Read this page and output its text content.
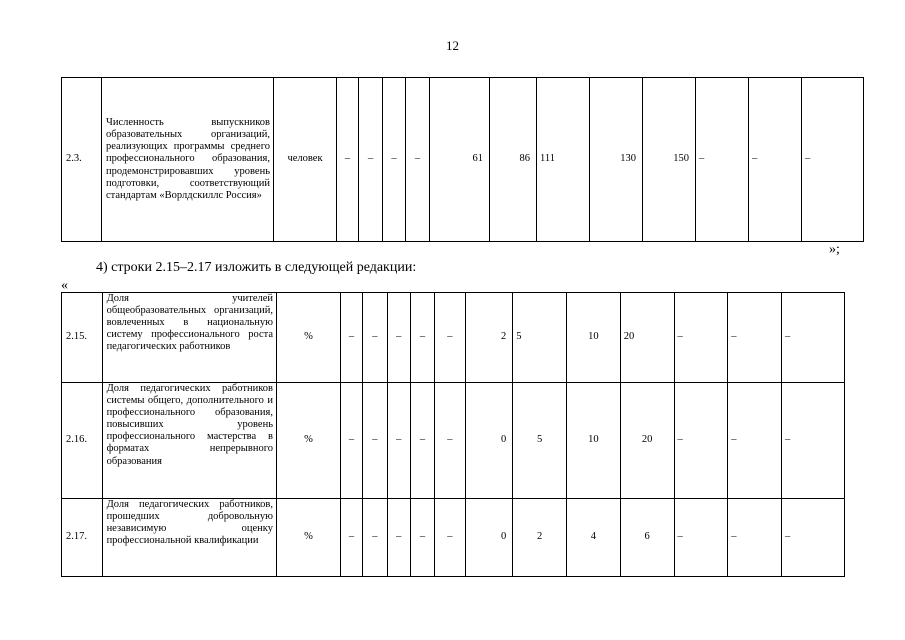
12
2.3.	Численность выпускников образовательных организаций, реализующих программы среднего профессионального образования, продемонстрировавших уровень подготовки, соответствующий стандартам «Ворлдскиллс Россия»	человек	–	–	–	–	61	86	111	130	150	–	–	–
»;
4) строки 2.15–2.17 изложить в следующей редакции:
«
2.15.	Доля учителей общеобразовательных организаций, вовлеченных в национальную систему профессионального роста педагогических работников	%	–	–	–	–	–	2	5	10	20	–	–	–
2.16.	Доля педагогических работников системы общего, дополнительного и профессионального образования, повысивших уровень профессионального мастерства в форматах непрерывного образования	%	–	–	–	–	–	0	5	10	20	–	–	–
2.17.	Доля педагогических работников, прошедших добровольную независимую оценку профессиональной квалификации	%	–	–	–	–	–	0	2	4	6	–	–	–
